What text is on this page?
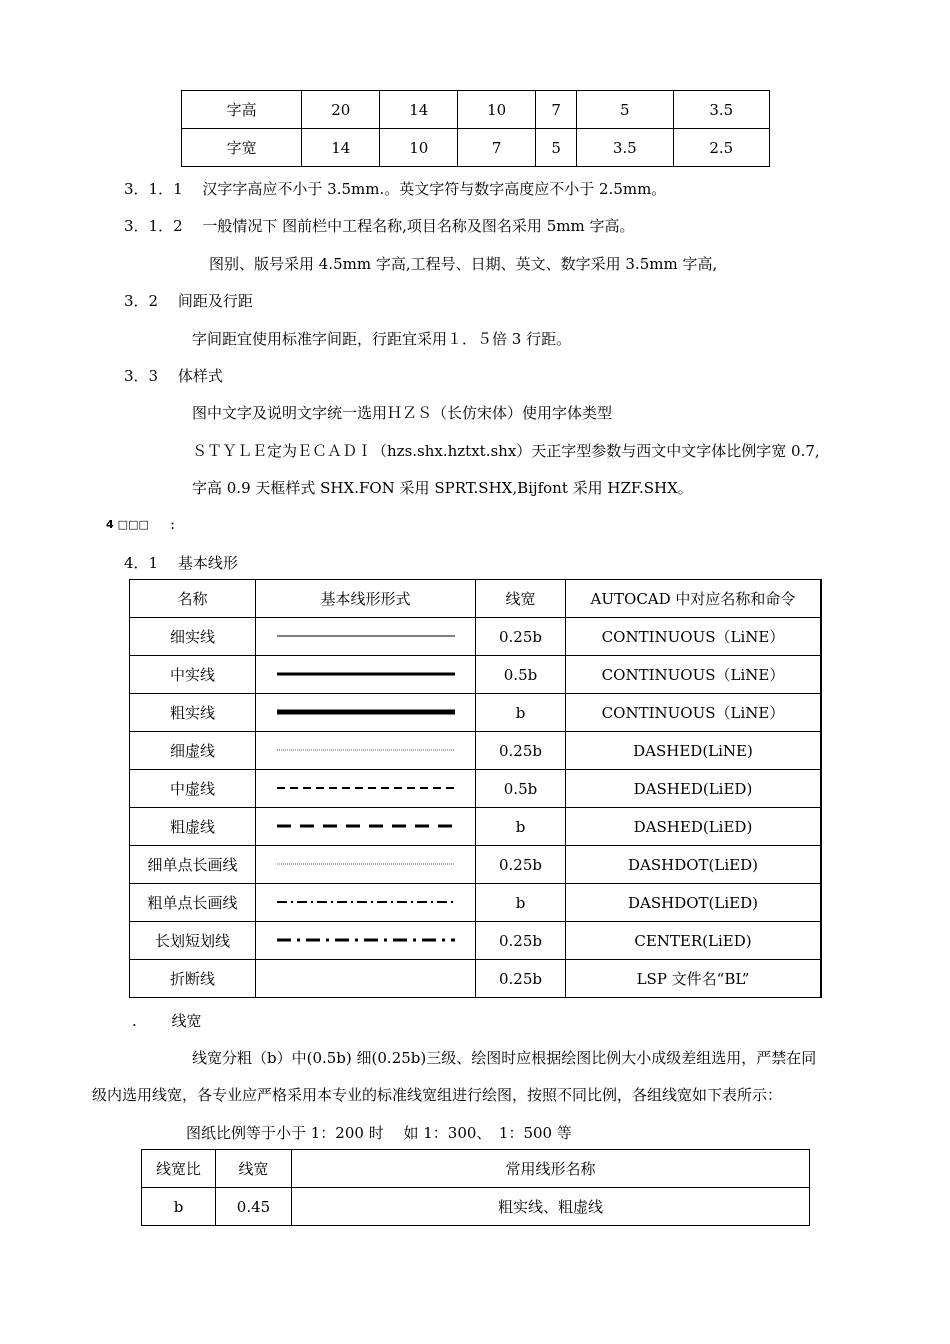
字高	20	14	10	7	5	3.5
字宽	14	10	7	5	3.5	2.5
3．1．1　 汉字字高应不小于 3.5mm.。英文字符与数字高度应不小于 2.5mm。
3．1．2　 一般情况下 图前栏中工程名称,项目名称及图名采用 5mm 字高。
图别、版号采用 4.5mm 字高,工程号、日期、英文、数字采用 3.5mm 字高,
3．2　 间距及行距
字间距宜使用标准字间距，行距宜采用１．５倍 3 行距。
3．3　 体样式
图中文字及说明文字统一选用ＨＺＳ（长仿宋体）使用字体类型
ＳＴＹＬＥ定为ＥＣＡＤＩ（hzs.shx.hztxt.shx）天正字型参数与西文中文字体比例字宽 0.7,
字高 0.9 天框样式 SHX.FON 采用 SPRT.SHX,Bijfont 采用 HZF.SHX。
4 □□□ :
4．1　 基本线形
名称	基本线形形式	线宽	AUTOCAD 中对应名称和命令
细实线		0.25b	CONTINUOUS（LiNE）
中实线		0.5b	CONTINUOUS（LiNE）
粗实线		b	CONTINUOUS（LiNE）
细虚线		0.25b	DASHED(LiNE)
中虚线		0.5b	DASHED(LiED)
粗虚线		b	DASHED(LiED)
细单点长画线		0.25b	DASHDOT(LiED)
粗单点长画线		b	DASHDOT(LiED)
长划短划线		0.25b	CENTER(LiED)
折断线		0.25b	LSP 文件名“BL”
.　　 线宽
线宽分粗（b）中(0.5b) 细(0.25b)三级、绘图时应根据绘图比例大小成级差组选用，严禁在同
级内选用线宽，各专业应严格采用本专业的标准线宽组进行绘图，按照不同比例，各组线宽如下表所示：
图纸比例等于小于 1：200 时　 如 1：300、　1：500 等
线宽比	线宽	常用线形名称
b	0.45	粗实线、粗虚线
